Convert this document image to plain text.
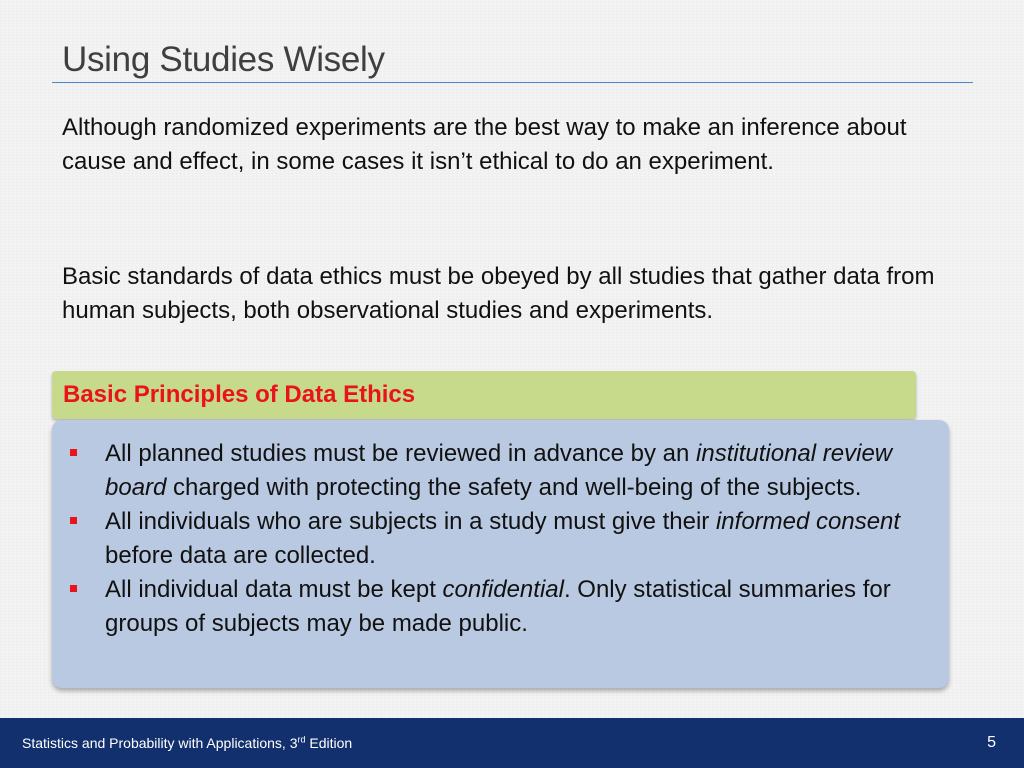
Using Studies Wisely
Although randomized experiments are the best way to make an inference about cause and effect, in some cases it isn’t ethical to do an experiment.
Basic standards of data ethics must be obeyed by all studies that gather data from human subjects, both observational studies and experiments.
Basic Principles of Data Ethics
All planned studies must be reviewed in advance by an institutional review board charged with protecting the safety and well-being of the subjects.
All individuals who are subjects in a study must give their informed consent before data are collected.
All individual data must be kept confidential. Only statistical summaries for groups of subjects may be made public.
Statistics and Probability with Applications, 3rd Edition	5
